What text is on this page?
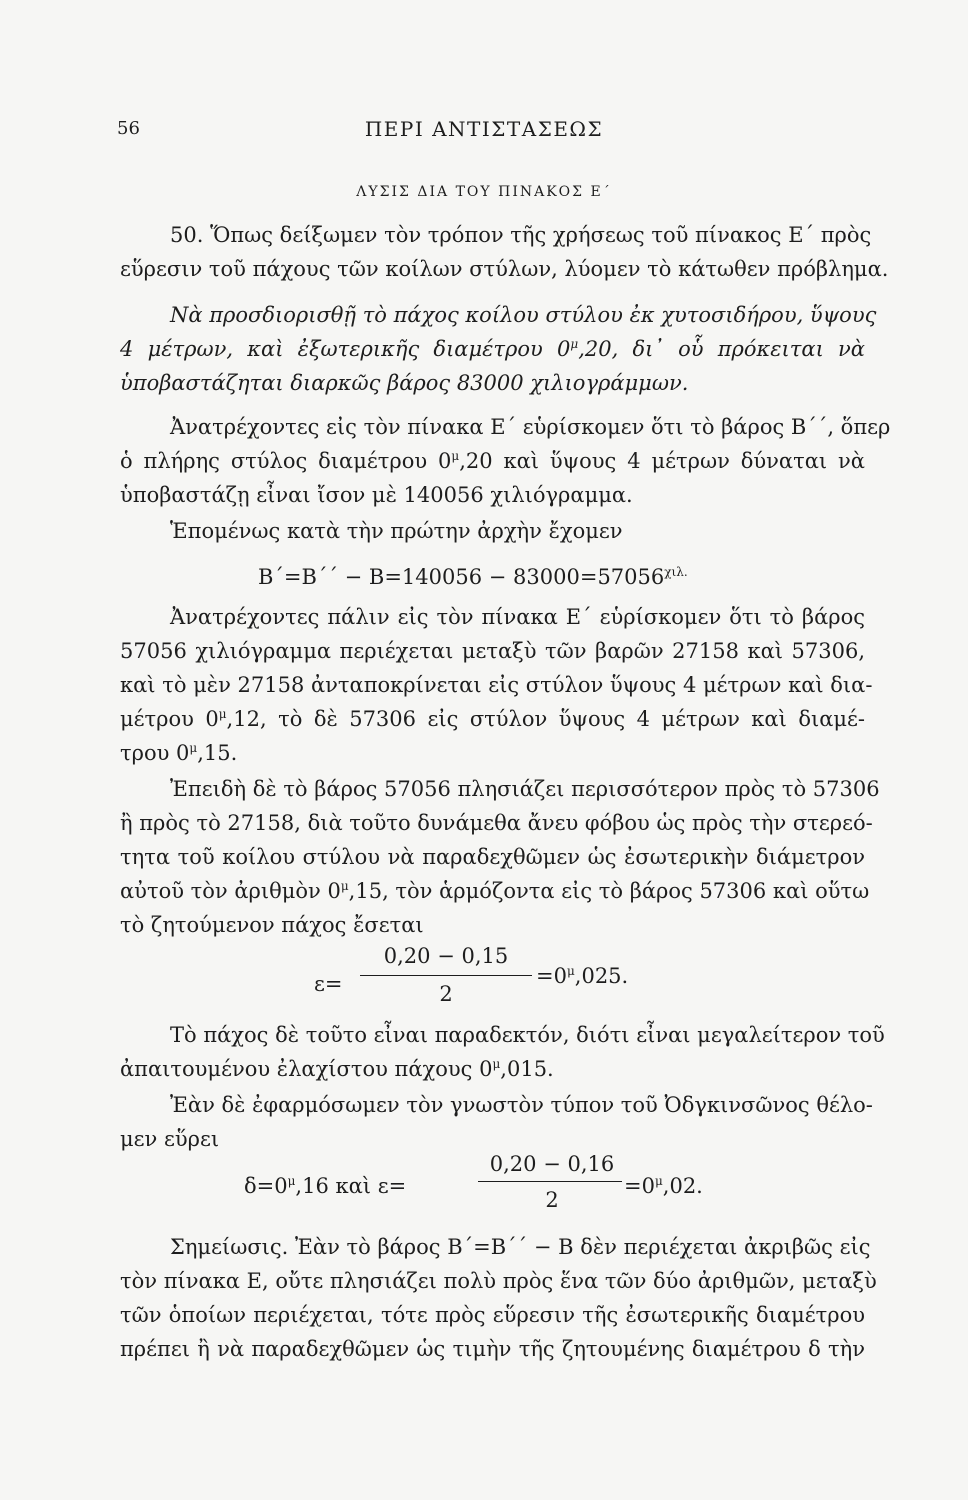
56	ΠΕΡΙ ΑΝΤΙΣΤΑΣΕΩΣ
ΛΥΣΙΣ ΔΙΑ ΤΟΥ ΠΙΝΑΚΟΣ Ε΄
50. Ὅπως δείξωμεν τὸν τρόπον τῆς χρήσεως τοῦ πίνακος Ε΄ πρὸς
εὕρεσιν τοῦ πάχους τῶν κοίλων στύλων, λύομεν τὸ κάτωθεν πρόβλημα.
Νὰ προσδιορισθῇ τὸ πάχος κοίλου στύλου ἐκ χυτοσιδήρου, ὕψους
4 μέτρων, καὶ ἐξωτερικῆς διαμέτρου $0^\mu,20$, δι᾽ οὗ πρόκειται νὰ
ὑποβαστάζηται διαρκῶς βάρος 83000 χιλιογράμμων.
Ἀνατρέχοντες εἰς τὸν πίνακα Ε΄ εὑρίσκομεν ὅτι τὸ βάρος Β΄΄, ὅπερ
ὁ πλήρης στύλος διαμέτρου $0^\mu,20$ καὶ ὕψους 4 μέτρων δύναται νὰ
ὑποβαστάζῃ εἶναι ἴσον μὲ 140056 χιλιόγραμμα.
Ἑπομένως κατὰ τὴν πρώτην ἀρχὴν ἔχομεν
$B΄=B΄΄ - B=140056 - 83000=57056^{\chi\iota\lambda.}$
Ἀνατρέχοντες πάλιν εἰς τὸν πίνακα Ε΄ εὑρίσκομεν ὅτι τὸ βάρος
57056 χιλιόγραμμα περιέχεται μεταξὺ τῶν βαρῶν 27158 καὶ 57306,
καὶ τὸ μὲν 27158 ἀνταποκρίνεται εἰς στύλον ὕψους 4 μέτρων καὶ δια-
μέτρου $0^\mu,12$, τὸ δὲ 57306 εἰς στύλον ὕψους 4 μέτρων καὶ διαμέ-
τρου $0^\mu,15$.
Ἐπειδὴ δὲ τὸ βάρος 57056 πλησιάζει περισσότερον πρὸς τὸ 57306
ἢ πρὸς τὸ 27158, διὰ τοῦτο δυνάμεθα ἄνευ φόβου ὡς πρὸς τὴν στερεό-
τητα τοῦ κοίλου στύλου νὰ παραδεχθῶμεν ὡς ἐσωτερικὴν διάμετρον
αὐτοῦ τὸν ἀριθμὸν $0^\mu,15$, τὸν ἁρμόζοντα εἰς τὸ βάρος 57306 καὶ οὕτω
τὸ ζητούμενον πάχος ἔσεται
ε=
0,20 − 0,15
2
$=0^\mu,025$.
Τὸ πάχος δὲ τοῦτο εἶναι παραδεκτόν, διότι εἶναι μεγαλείτερον τοῦ
ἀπαιτουμένου ἐλαχίστου πάχους $0^\mu,015$.
Ἐὰν δὲ ἐφαρμόσωμεν τὸν γνωστὸν τύπον τοῦ Ὀδγκινσῶνος θέλο-
μεν εὕρει
$\delta=0^\mu,16$ καὶ ε=
0,20 − 0,16
2
$=0^\mu,02$.
Σημείωσις. Ἐὰν τὸ βάρος Β΄=Β΄΄ − Β δὲν περιέχεται ἀκριβῶς εἰς
τὸν πίνακα Ε, οὔτε πλησιάζει πολὺ πρὸς ἕνα τῶν δύο ἀριθμῶν, μεταξὺ
τῶν ὁποίων περιέχεται, τότε πρὸς εὕρεσιν τῆς ἐσωτερικῆς διαμέτρου
πρέπει ἢ νὰ παραδεχθῶμεν ὡς τιμὴν τῆς ζητουμένης διαμέτρου δ τὴν
